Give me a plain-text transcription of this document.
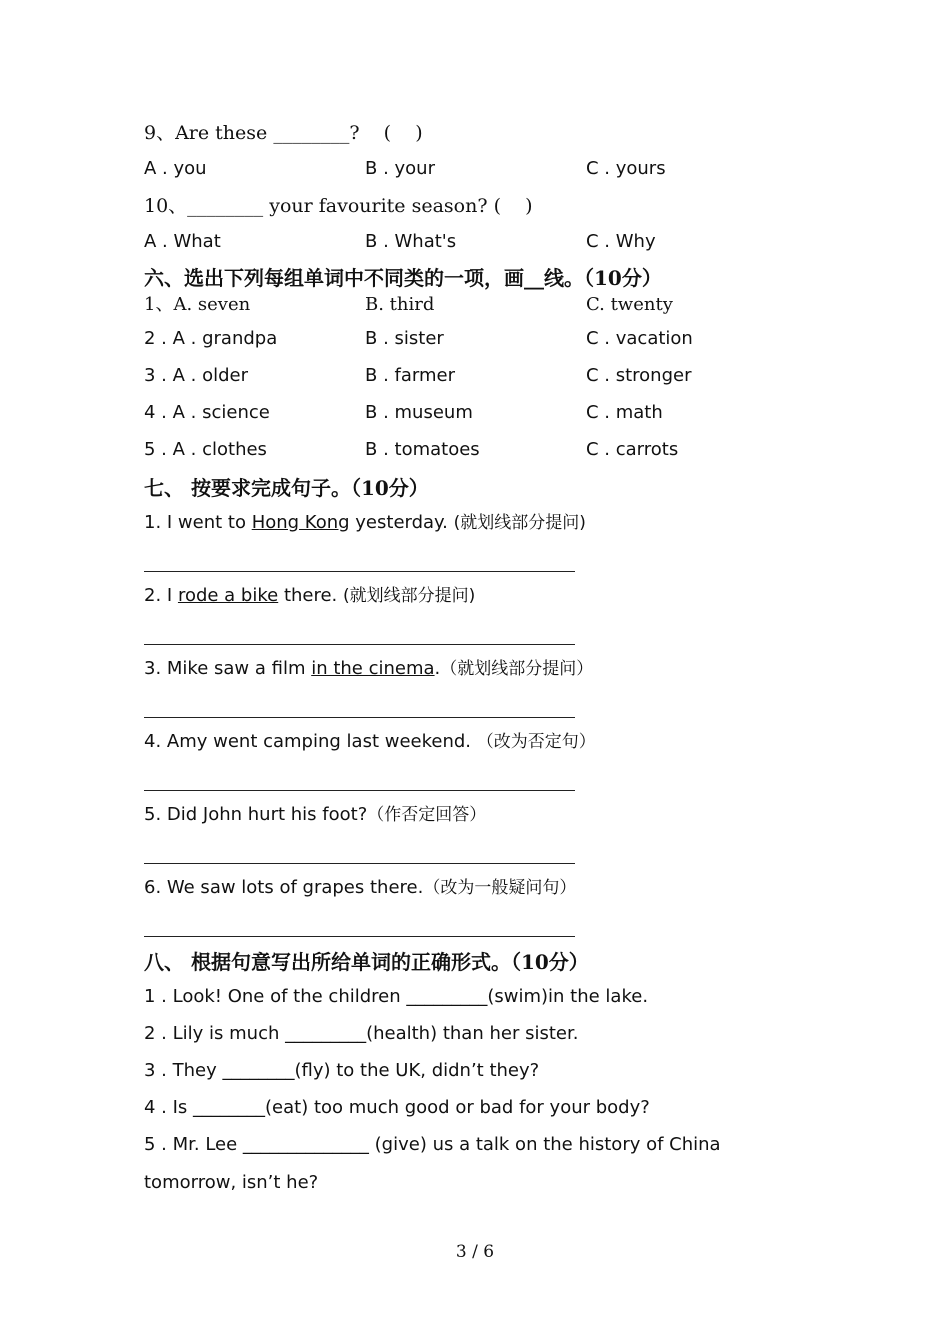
9、Are these ________?    (    )
A . you	B . your	C . yours
10、________ your favourite season? (    )
A . What	B . What's	C . Why
六、选出下列每组单词中不同类的一项，画__线。（10分）
1、A. seven	B. third	C. twenty
2 . A . grandpa	B . sister	C . vacation
3 . A . older	B . farmer	C . stronger
4 . A . science	B . museum	C . math
5 . A . clothes	B . tomatoes	C . carrots
七、 按要求完成句子。（10分）
1. I went to Hong Kong yesterday. (就划线部分提问)
2. I rode a bike there. (就划线部分提问)
3. Mike saw a film in the cinema.（就划线部分提问）
4. Amy went camping last weekend. （改为否定句）
5. Did John hurt his foot?（作否定回答）
6. We saw lots of grapes there.（改为一般疑问句）
八、 根据句意写出所给单词的正确形式。（10分）
1 . Look! One of the children _________(swim)in the lake.
2 . Lily is much _________(health) than her sister.
3 . They ________(fly) to the UK, didn’t they?
4 . Is ________(eat) too much good or bad for your body?
5 . Mr. Lee ______________ (give) us a talk on the history of China
tomorrow, isn’t he?
3 / 6
